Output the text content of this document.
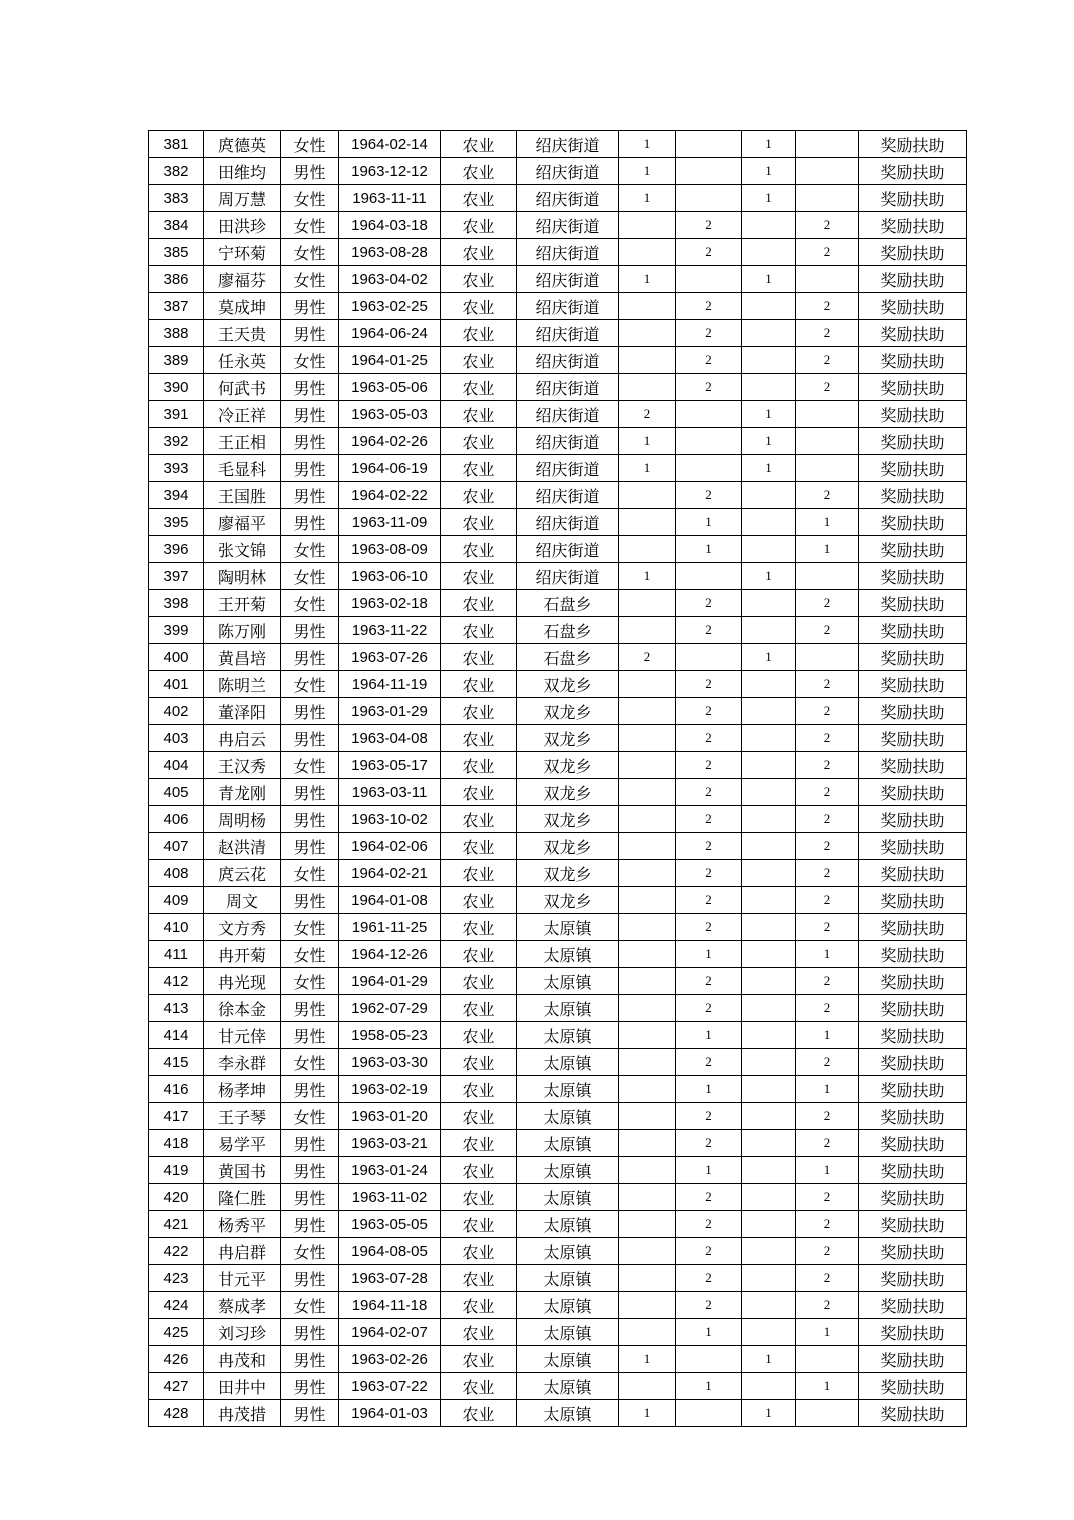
381	庹德英	女性	1964-02-14	农业	绍庆街道	1		1		奖励扶助
382	田维均	男性	1963-12-12	农业	绍庆街道	1		1		奖励扶助
383	周万慧	女性	1963-11-11	农业	绍庆街道	1		1		奖励扶助
384	田洪珍	女性	1964-03-18	农业	绍庆街道		2		2	奖励扶助
385	宁环菊	女性	1963-08-28	农业	绍庆街道		2		2	奖励扶助
386	廖福芬	女性	1963-04-02	农业	绍庆街道	1		1		奖励扶助
387	莫成坤	男性	1963-02-25	农业	绍庆街道		2		2	奖励扶助
388	王天贵	男性	1964-06-24	农业	绍庆街道		2		2	奖励扶助
389	任永英	女性	1964-01-25	农业	绍庆街道		2		2	奖励扶助
390	何武书	男性	1963-05-06	农业	绍庆街道		2		2	奖励扶助
391	冷正祥	男性	1963-05-03	农业	绍庆街道	2		1		奖励扶助
392	王正相	男性	1964-02-26	农业	绍庆街道	1		1		奖励扶助
393	毛显科	男性	1964-06-19	农业	绍庆街道	1		1		奖励扶助
394	王国胜	男性	1964-02-22	农业	绍庆街道		2		2	奖励扶助
395	廖福平	男性	1963-11-09	农业	绍庆街道		1		1	奖励扶助
396	张文锦	女性	1963-08-09	农业	绍庆街道		1		1	奖励扶助
397	陶明林	女性	1963-06-10	农业	绍庆街道	1		1		奖励扶助
398	王开菊	女性	1963-02-18	农业	石盘乡		2		2	奖励扶助
399	陈万刚	男性	1963-11-22	农业	石盘乡		2		2	奖励扶助
400	黄昌培	男性	1963-07-26	农业	石盘乡	2		1		奖励扶助
401	陈明兰	女性	1964-11-19	农业	双龙乡		2		2	奖励扶助
402	董泽阳	男性	1963-01-29	农业	双龙乡		2		2	奖励扶助
403	冉启云	男性	1963-04-08	农业	双龙乡		2		2	奖励扶助
404	王汉秀	女性	1963-05-17	农业	双龙乡		2		2	奖励扶助
405	青龙刚	男性	1963-03-11	农业	双龙乡		2		2	奖励扶助
406	周明杨	男性	1963-10-02	农业	双龙乡		2		2	奖励扶助
407	赵洪清	男性	1964-02-06	农业	双龙乡		2		2	奖励扶助
408	庹云花	女性	1964-02-21	农业	双龙乡		2		2	奖励扶助
409	周文	男性	1964-01-08	农业	双龙乡		2		2	奖励扶助
410	文方秀	女性	1961-11-25	农业	太原镇		2		2	奖励扶助
411	冉开菊	女性	1964-12-26	农业	太原镇		1		1	奖励扶助
412	冉光现	女性	1964-01-29	农业	太原镇		2		2	奖励扶助
413	徐本金	男性	1962-07-29	农业	太原镇		2		2	奖励扶助
414	甘元倖	男性	1958-05-23	农业	太原镇		1		1	奖励扶助
415	李永群	女性	1963-03-30	农业	太原镇		2		2	奖励扶助
416	杨孝坤	男性	1963-02-19	农业	太原镇		1		1	奖励扶助
417	王子琴	女性	1963-01-20	农业	太原镇		2		2	奖励扶助
418	易学平	男性	1963-03-21	农业	太原镇		2		2	奖励扶助
419	黄国书	男性	1963-01-24	农业	太原镇		1		1	奖励扶助
420	隆仁胜	男性	1963-11-02	农业	太原镇		2		2	奖励扶助
421	杨秀平	男性	1963-05-05	农业	太原镇		2		2	奖励扶助
422	冉启群	女性	1964-08-05	农业	太原镇		2		2	奖励扶助
423	甘元平	男性	1963-07-28	农业	太原镇		2		2	奖励扶助
424	蔡成孝	女性	1964-11-18	农业	太原镇		2		2	奖励扶助
425	刘习珍	男性	1964-02-07	农业	太原镇		1		1	奖励扶助
426	冉茂和	男性	1963-02-26	农业	太原镇	1		1		奖励扶助
427	田井中	男性	1963-07-22	农业	太原镇		1		1	奖励扶助
428	冉茂措	男性	1964-01-03	农业	太原镇	1		1		奖励扶助
